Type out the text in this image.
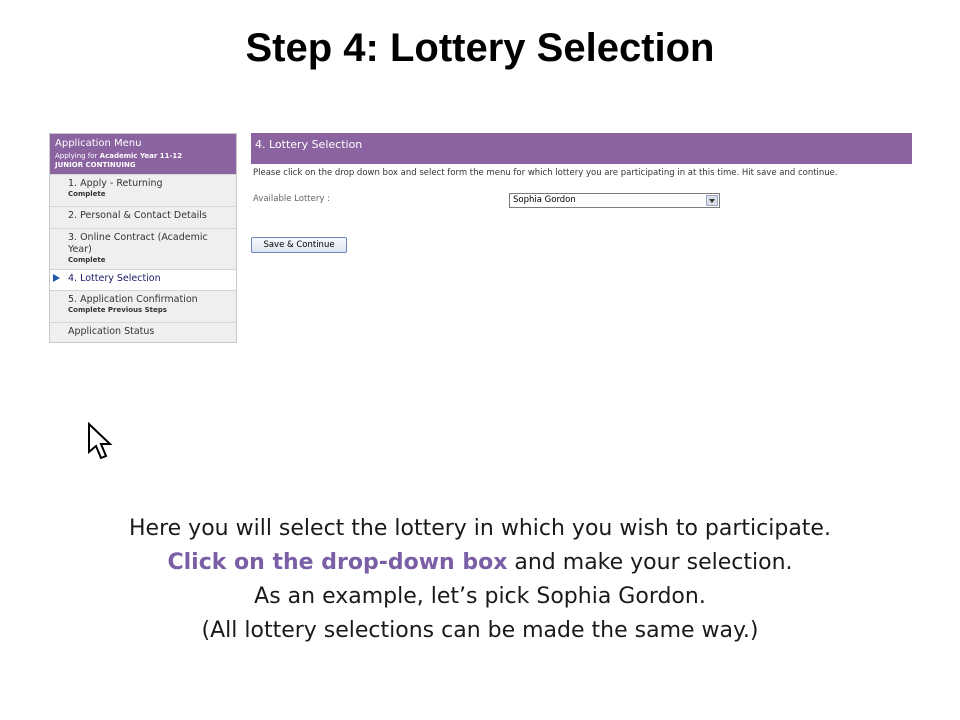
Step 4: Lottery Selection
Application Menu
Applying for Academic Year 11-12
JUNIOR CONTINUING
1. Apply - Returning
Complete
2. Personal & Contact Details
3. Online Contract (Academic Year)
Complete
4. Lottery Selection
5. Application Confirmation
Complete Previous Steps
Application Status
4. Lottery Selection
Please click on the drop down box and select form the menu for which lottery you are participating in at this time. Hit save and continue.
Available Lottery :	Sophia Gordon
Save & Continue
Here you will select the lottery in which you wish to participate.
Click on the drop-down box and make your selection.
As an example, let’s pick Sophia Gordon.
(All lottery selections can be made the same way.)
